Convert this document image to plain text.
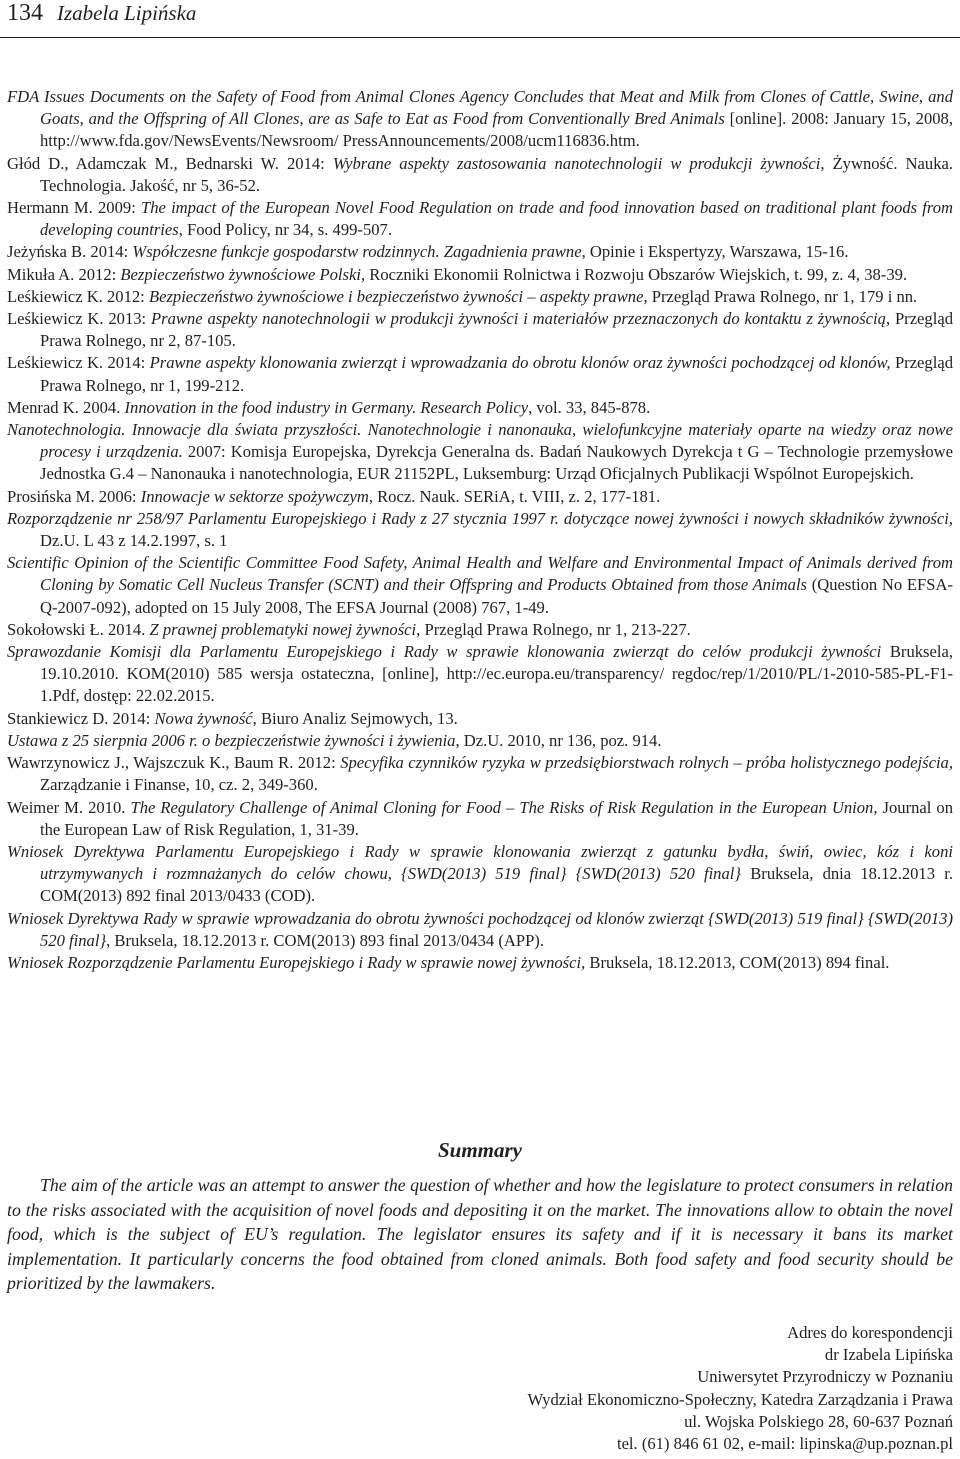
134 Izabela Lipińska

FDA Issues Documents on the Safety of Food from Animal Clones Agency Concludes that Meat and Milk from Clones of Cattle, Swine, and Goats, and the Offspring of All Clones, are as Safe to Eat as Food from Conventionally Bred Animals [online]. 2008: January 15, 2008, http://www.fda.gov/NewsEvents/Newsroom/ PressAnnouncements/2008/ucm116836.htm.

Głód D., Adamczak M., Bednarski W. 2014: Wybrane aspekty zastosowania nanotechnologii w produkcji żywności, Żywność. Nauka. Technologia. Jakość, nr 5, 36-52.

Hermann M. 2009: The impact of the European Novel Food Regulation on trade and food innovation based on traditional plant foods from developing countries, Food Policy, nr 34, s. 499-507.

Jeżyńska B. 2014: Współczesne funkcje gospodarstw rodzinnych. Zagadnienia prawne, Opinie i Ekspertyzy, Warszawa, 15-16.

Mikuła A. 2012: Bezpieczeństwo żywnościowe Polski, Roczniki Ekonomii Rolnictwa i Rozwoju Obszarów Wiejskich, t. 99, z. 4, 38-39.

Leśkiewicz K. 2012: Bezpieczeństwo żywnościowe i bezpieczeństwo żywności – aspekty prawne, Przegląd Prawa Rolnego, nr 1, 179 i nn.

Leśkiewicz K. 2013: Prawne aspekty nanotechnologii w produkcji żywności i materiałów przeznaczonych do kontaktu z żywnością, Przegląd Prawa Rolnego, nr 2, 87-105.

Leśkiewicz K. 2014: Prawne aspekty klonowania zwierząt i wprowadzania do obrotu klonów oraz żywności pochodzącej od klonów, Przegląd Prawa Rolnego, nr 1, 199-212.

Menrad K. 2004. Innovation in the food industry in Germany. Research Policy, vol. 33, 845-878.

Nanotechnologia. Innowacje dla świata przyszłości. Nanotechnologie i nanonauka, wielofunkcyjne materiały oparte na wiedzy oraz nowe procesy i urządzenia. 2007: Komisja Europejska, Dyrekcja Generalna ds. Badań Naukowych Dyrekcja t G – Technologie przemysłowe Jednostka G.4 – Nanonauka i nanotechnologia, EUR 21152PL, Luksemburg: Urząd Oficjalnych Publikacji Wspólnot Europejskich.

Prosińska M. 2006: Innowacje w sektorze spożywczym, Rocz. Nauk. SERiA, t. VIII, z. 2, 177-181.

Rozporządzenie nr 258/97 Parlamentu Europejskiego i Rady z 27 stycznia 1997 r. dotyczące nowej żywności i nowych składników żywności, Dz.U. L 43 z 14.2.1997, s. 1

Scientific Opinion of the Scientific Committee Food Safety, Animal Health and Welfare and Environmental Impact of Animals derived from Cloning by Somatic Cell Nucleus Transfer (SCNT) and their Offspring and Products Obtained from those Animals (Question No EFSA-Q-2007-092), adopted on 15 July 2008, The EFSA Journal (2008) 767, 1-49.

Sokołowski Ł. 2014. Z prawnej problematyki nowej żywności, Przegląd Prawa Rolnego, nr 1, 213-227.

Sprawozdanie Komisji dla Parlamentu Europejskiego i Rady w sprawie klonowania zwierząt do celów produkcji żywności Bruksela, 19.10.2010. KOM(2010) 585 wersja ostateczna, [online], http://ec.europa.eu/transparency/ regdoc/rep/1/2010/PL/1-2010-585-PL-F1-1.Pdf, dostęp: 22.02.2015.

Stankiewicz D. 2014: Nowa żywność, Biuro Analiz Sejmowych, 13.

Ustawa z 25 sierpnia 2006 r. o bezpieczeństwie żywności i żywienia, Dz.U. 2010, nr 136, poz. 914.

Wawrzynowicz J., Wajszczuk K., Baum R. 2012: Specyfika czynników ryzyka w przedsiębiorstwach rolnych – próba holistycznego podejścia, Zarządzanie i Finanse, 10, cz. 2, 349-360.

Weimer M. 2010. The Regulatory Challenge of Animal Cloning for Food – The Risks of Risk Regulation in the European Union, Journal on the European Law of Risk Regulation, 1, 31-39.

Wniosek Dyrektywa Parlamentu Europejskiego i Rady w sprawie klonowania zwierząt z gatunku bydła, świń, owiec, kóz i koni utrzymywanych i rozmnażanych do celów chowu, {SWD(2013) 519 final} {SWD(2013) 520 final} Bruksela, dnia 18.12.2013 r. COM(2013) 892 final 2013/0433 (COD).

Wniosek Dyrektywa Rady w sprawie wprowadzania do obrotu żywności pochodzącej od klonów zwierząt {SWD(2013) 519 final} {SWD(2013) 520 final}, Bruksela, 18.12.2013 r. COM(2013) 893 final 2013/0434 (APP).

Wniosek Rozporządzenie Parlamentu Europejskiego i Rady w sprawie nowej żywności, Bruksela, 18.12.2013, COM(2013) 894 final.

Summary

The aim of the article was an attempt to answer the question of whether and how the legislature to protect consumers in relation to the risks associated with the acquisition of novel foods and depositing it on the market. The innovations allow to obtain the novel food, which is the subject of EU’s regulation. The legislator ensures its safety and if it is necessary it bans its market implementation. It particularly concerns the food obtained from cloned animals. Both food safety and food security should be prioritized by the lawmakers.

Adres do korespondencji
dr Izabela Lipińska
Uniwersytet Przyrodniczy w Poznaniu
Wydział Ekonomiczno-Społeczny, Katedra Zarządzania i Prawa
ul. Wojska Polskiego 28, 60-637 Poznań
tel. (61) 846 61 02, e-mail: lipinska@up.poznan.pl
